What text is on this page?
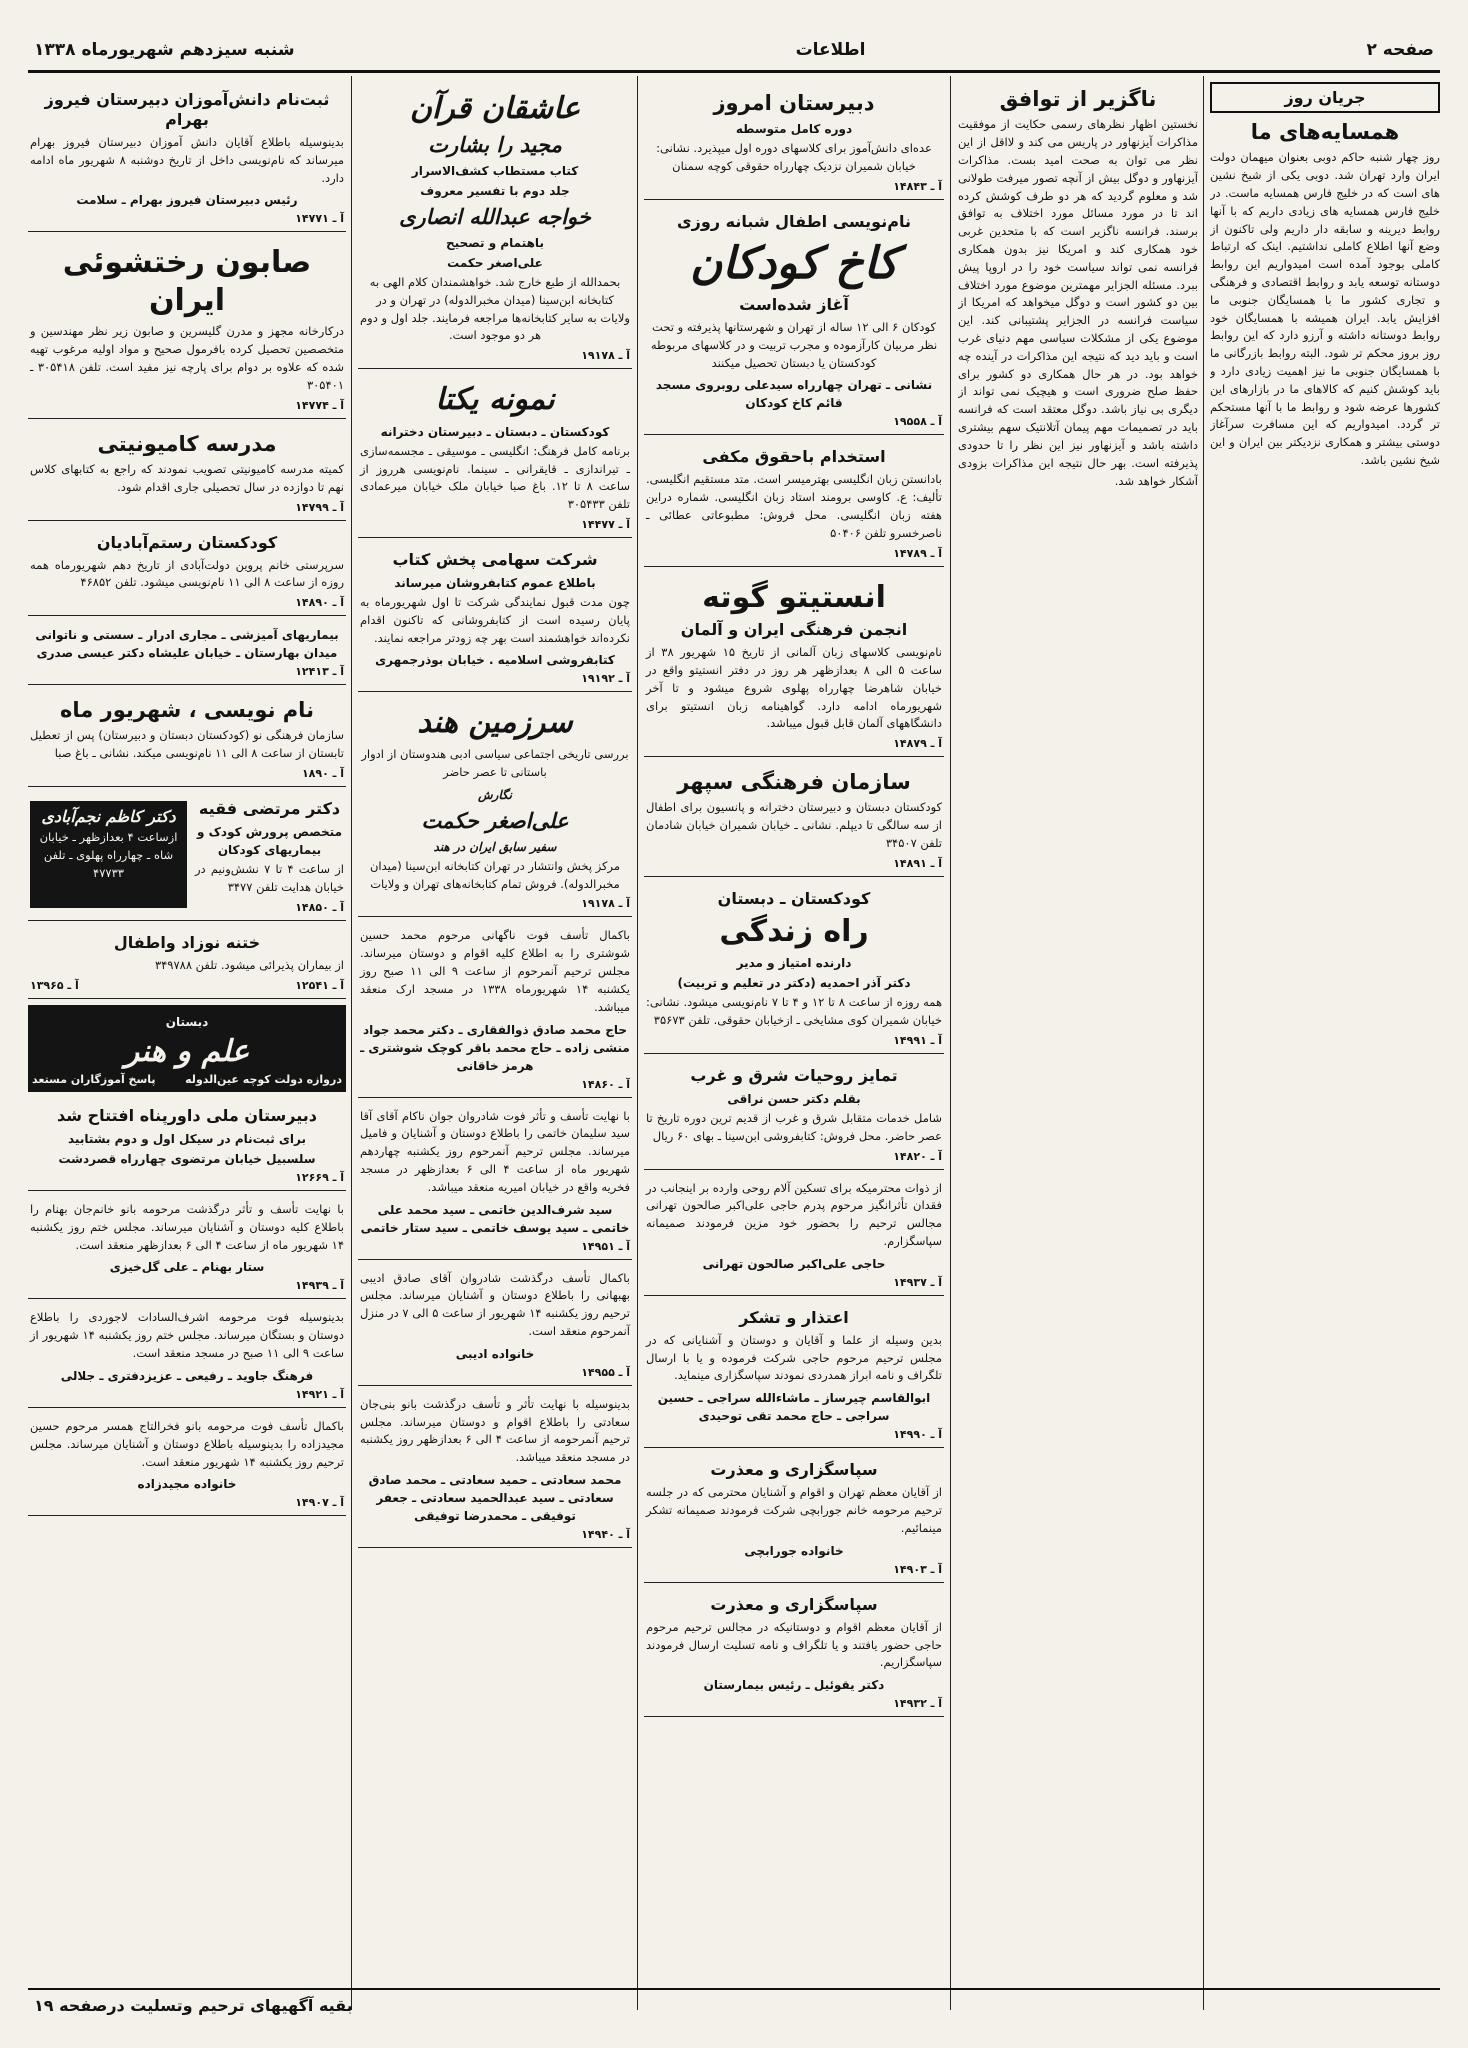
صفحه ۲
اطلاعات
شنبه سیزدهم شهریورماه ۱۳۳۸
جریان روز
همسایه‌های ما
روز چهار شنبه حاکم دوبی بعنوان میهمان دولت ایران وارد تهران شد. دوبی یکی از شیخ نشین های است که در خلیج فارس همسایه ماست. در خلیج فارس همسایه های زیادی داریم که با آنها روابط دیرینه و سابقه دار داریم ولی تاکنون از وضع آنها اطلاع کاملی نداشتیم. اینک که ارتباط کاملی بوجود آمده است امیدواریم این روابط دوستانه توسعه یابد و روابط اقتصادی و فرهنگی و تجاری کشور ما با همسایگان جنوبی ما افزایش یابد. ایران همیشه با همسایگان خود روابط دوستانه داشته و آرزو دارد که این روابط روز بروز محکم تر شود. البته روابط بازرگانی ما با همسایگان جنوبی ما نیز اهمیت زیادی دارد و باید کوشش کنیم که کالاهای ما در بازارهای این کشورها عرضه شود و روابط ما با آنها مستحکم تر گردد. امیدواریم که این مسافرت سرآغاز دوستی بیشتر و همکاری نزدیکتر بین ایران و این شیخ نشین باشد.
ناگزیر از توافق
نخستین اظهار نظرهای رسمی حکایت از موفقیت مذاکرات آیزنهاور در پاریس می کند و لااقل از این نظر می توان به صحت امید بست. مذاکرات آیزنهاور و دوگل بیش از آنچه تصور میرفت طولانی شد و معلوم گردید که هر دو طرف کوشش کرده اند تا در مورد مسائل مورد اختلاف به توافق برسند. فرانسه ناگزیر است که با متحدین غربی خود همکاری کند و امریکا نیز بدون همکاری فرانسه نمی تواند سیاست خود را در اروپا پیش ببرد. مسئله الجزایر مهمترین موضوع مورد اختلاف بین دو کشور است و دوگل میخواهد که امریکا از سیاست فرانسه در الجزایر پشتیبانی کند. این موضوع یکی از مشکلات سیاسی مهم دنیای غرب است و باید دید که نتیجه این مذاکرات در آینده چه خواهد بود. در هر حال همکاری دو کشور برای حفظ صلح ضروری است و هیچیک نمی تواند از دیگری بی نیاز باشد. دوگل معتقد است که فرانسه باید در تصمیمات مهم پیمان آتلانتیک سهم بیشتری داشته باشد و آیزنهاور نیز این نظر را تا حدودی پذیرفته است. بهر حال نتیجه این مذاکرات بزودی آشکار خواهد شد.
دبیرستان امروز
دوره کامل متوسطه
عده‌ای دانش‌آموز برای کلاسهای دوره اول میپذیرد. نشانی: خیابان شمیران نزدیک چهارراه حقوقی کوچه سمنان
آ ـ ۱۴۸۴۳
نام‌نویسی اطفال شبانه روزی
کاخ کودکان
آغاز شده‌است
کودکان ۶ الی ۱۲ ساله از تهران و شهرستانها پذیرفته و تحت نظر مربیان کارآزموده و مجرب تربیت و در کلاسهای مربوطه کودکستان یا دبستان تحصیل میکنند
نشانی ـ تهران چهارراه سیدعلی روبروی مسجد قائم کاخ کودکان
آ ـ ۱۹۵۵۸
استخدام باحقوق مکفی
بادانستن زبان انگلیسی بهترمیسر است. متد مستقیم انگلیسی. تألیف: ع. کاوسی برومند استاد زبان انگلیسی. شماره دراین هفته زبان انگلیسی. محل فروش: مطبوعاتی عطائی ـ ناصرخسرو تلفن ۵۰۴۰۶
آ ـ ۱۴۷۸۹
انستیتو گوته
انجمن فرهنگی ایران و آلمان
نام‌نویسی کلاسهای زبان آلمانی از تاریخ ۱۵ شهریور ۳۸ از ساعت ۵ الی ۸ بعدازظهر هر روز در دفتر انستیتو واقع در خیابان شاهرضا چهارراه پهلوی شروع میشود و تا آخر شهریورماه ادامه دارد. گواهینامه زبان انستیتو برای دانشگاههای آلمان قابل قبول میباشد.
آ ـ ۱۴۸۷۹
سازمان فرهنگی سپهر
کودکستان دبستان و دبیرستان دخترانه و پانسیون برای اطفال از سه سالگی تا دیپلم. نشانی ـ خیابان شمیران خیابان شادمان تلفن ۳۴۵۰۷
آ ـ ۱۴۸۹۱
کودکستان ـ دبستان
راه زندگی
دارنده امتیاز و مدیر
دکتر آذر احمدیه (دکتر در تعلیم و تربیت)
همه روزه از ساعت ۸ تا ۱۲ و ۴ تا ۷ نام‌نویسی میشود. نشانی: خیابان شمیران کوی مشایخی ـ ازخیابان حقوقی. تلفن ۳۵۶۷۳
آ ـ ۱۴۹۹۱
تمایز روحیات شرق و غرب
بقلم دکتر حسن نراقی
شامل خدمات متقابل شرق و غرب از قدیم ترین دوره تاریخ تا عصر حاضر. محل فروش: کتابفروشی ابن‌سینا ـ بهای ۶۰ ریال
آ ـ ۱۴۸۲۰
از ذوات محترمیکه برای تسکین آلام روحی وارده بر اینجانب در فقدان تأثرانگیز مرحوم پدرم حاجی علی‌اکبر صالحون تهرانی مجالس ترحیم را بحضور خود مزین فرمودند صمیمانه سپاسگزارم.
حاجی علی‌اکبر صالحون تهرانی
آ ـ ۱۴۹۳۷
اعتذار و تشکر
بدین وسیله از علما و آقایان و دوستان و آشنایانی که در مجلس ترحیم مرحوم حاجی شرکت فرموده و یا با ارسال تلگراف و نامه ابراز همدردی نمودند سپاسگزاری مینماید.
ابوالقاسم چیرساز ـ ماشاءالله سراجی ـ حسین سراجی ـ حاج محمد تقی توحیدی
آ ـ ۱۴۹۹۰
سپاسگزاری و معذرت
از آقایان معظم تهران و اقوام و آشنایان محترمی که در جلسه ترحیم مرحومه خانم جورابچی شرکت فرمودند صمیمانه تشکر مینمائیم.
خانواده جورابچی
آ ـ ۱۴۹۰۳
سپاسگزاری و معذرت
از آقایان معظم اقوام و دوستانیکه در مجالس ترحیم مرحوم حاجی حضور یافتند و یا تلگراف و نامه تسلیت ارسال فرمودند سپاسگزاریم.
دکتر یقوئیل ـ رئیس بیمارستان
آ ـ ۱۴۹۳۲
عاشقان قرآن
مجید را بشارت
کتاب مستطاب کشف‌الاسرار
جلد دوم با تفسیر معروف
خواجه عبدالله انصاری
باهتمام و تصحیح
علی‌اصغر حکمت
بحمدالله از طبع خارج شد. خواهشمندان کلام الهی به کتابخانه ابن‌سینا (میدان مخبرالدوله) در تهران و در ولایات به سایر کتابخانه‌ها مراجعه فرمایند. جلد اول و دوم هر دو موجود است.
آ ـ ۱۹۱۷۸
نمونه یکتا
کودکستان ـ دبستان ـ دبیرستان دخترانه
برنامه کامل فرهنگ: انگلیسی ـ موسیقی ـ مجسمه‌سازی ـ تیراندازی ـ قایقرانی ـ سینما. نام‌نویسی هرروز از ساعت ۸ تا ۱۲. باغ صبا خیابان ملک خیابان میرعمادی تلفن ۳۰۵۴۳۳
آ ـ ۱۴۴۷۷
شرکت سهامی پخش کتاب
باطلاع عموم کتابفروشان میرساند
چون مدت قبول نمایندگی شرکت تا اول شهریورماه به پایان رسیده است از کتابفروشانی که تاکنون اقدام نکرده‌اند خواهشمند است بهر چه زودتر مراجعه نمایند.
کتابفروشی اسلامیه . خیابان بوذرجمهری
آ ـ ۱۹۱۹۲
سرزمین هند
بررسی تاریخی اجتماعی سیاسی ادبی هندوستان از ادوار باستانی تا عصر حاضر
نگارش
علی‌اصغر حکمت
سفیر سابق ایران در هند
مرکز پخش وانتشار در تهران کتابخانه ابن‌سینا (میدان مخبرالدوله). فروش تمام کتابخانه‌های تهران و ولایات
آ ـ ۱۹۱۷۸
باکمال تأسف فوت ناگهانی مرحوم محمد حسین شوشتری را به اطلاع کلیه اقوام و دوستان میرساند. مجلس ترحیم آنمرحوم از ساعت ۹ الی ۱۱ صبح روز یکشنبه ۱۴ شهریورماه ۱۳۳۸ در مسجد ارک منعقد میباشد.
حاج محمد صادق ذوالفقاری ـ دکتر محمد جواد منشی زاده ـ حاج محمد باقر کوچک شوشتری ـ هرمز خاقانی
آ ـ ۱۴۸۶۰
با نهایت تأسف و تأثر فوت شادروان جوان ناکام آقای آقا سید سلیمان خاتمی را باطلاع دوستان و آشنایان و فامیل میرساند. مجلس ترحیم آنمرحوم روز یکشنبه چهاردهم شهریور ماه از ساعت ۴ الی ۶ بعدازظهر در مسجد فخریه واقع در خیابان امیریه منعقد میباشد.
سید شرف‌الدین خاتمی ـ سید محمد علی خاتمی ـ سید یوسف خاتمی ـ سید ستار خاتمی
آ ـ ۱۴۹۵۱
باکمال تأسف درگذشت شادروان آقای صادق ادیبی بهبهانی را باطلاع دوستان و آشنایان میرساند. مجلس ترحیم روز یکشنبه ۱۴ شهریور از ساعت ۵ الی ۷ در منزل آنمرحوم منعقد است.
خانواده ادیبی
آ ـ ۱۴۹۵۵
بدینوسیله با نهایت تأثر و تأسف درگذشت بانو بنی‌جان سعادتی را باطلاع اقوام و دوستان میرساند. مجلس ترحیم آنمرحومه از ساعت ۴ الی ۶ بعدازظهر روز یکشنبه در مسجد منعقد میباشد.
محمد سعادتی ـ حمید سعادتی ـ محمد صادق سعادتی ـ سید عبدالحمید سعادتی ـ جعفر توفیقی ـ محمدرضا توفیقی
آ ـ ۱۴۹۴۰
ثبت‌نام دانش‌آموزان دبیرستان فیروز بهرام
بدینوسیله باطلاع آقایان دانش آموزان دبیرستان فیروز بهرام میرساند که نام‌نویسی داخل از تاریخ دوشنبه ۸ شهریور ماه ادامه دارد.
رئیس دبیرستان فیروز بهرام ـ سلامت
آ ـ ۱۴۷۷۱
صابون رختشوئی ایران
درکارخانه مجهز و مدرن گلیسرین و صابون زیر نظر مهندسین و متخصصین تحصیل کرده بافرمول صحیح و مواد اولیه مرغوب تهیه شده که علاوه بر دوام برای پارچه نیز مفید است. تلفن ۳۰۵۴۱۸ ـ ۳۰۵۴۰۱
آ ـ ۱۴۷۷۴
مدرسه کامیونیتی
کمیته مدرسه کامیونیتی تصویب نمودند که راجع به کتابهای کلاس نهم تا دوازده در سال تحصیلی جاری اقدام شود.
آ ـ ۱۴۷۹۹
کودکستان رستم‌آبادیان
سرپرستی خانم پروین دولت‌آبادی از تاریخ دهم شهریورماه همه روزه از ساعت ۸ الی ۱۱ نام‌نویسی میشود. تلفن ۴۶۸۵۲
آ ـ ۱۴۸۹۰
بیماریهای آمیزشی ـ مجاری ادرار ـ سستی و ناتوانی میدان بهارستان ـ خیابان علیشاه دکتر عیسی صدری
آ ـ ۱۲۴۱۳
نام نویسی ، شهریور ماه
سازمان فرهنگی نو (کودکستان دبستان و دبیرستان) پس از تعطیل تابستان از ساعت ۸ الی ۱۱ نام‌نویسی میکند. نشانی ـ باغ صبا
آ ـ ۱۸۹۰
دکتر مرتضی فقیه
متخصص پرورش کودک و بیماریهای کودکان
از ساعت ۴ تا ۷ نشش‌ونیم در خیابان هدایت تلفن ۳۴۷۷
آ ـ ۱۴۸۵۰
دکتر کاظم نجم‌آبادی
ازساعت ۴ بعدازظهر ـ خیابان شاه ـ چهارراه پهلوی ـ تلفن ۴۷۷۳۳
ختنه نوزاد واطفال
از بیماران پذیرائی میشود. تلفن ۳۴۹۷۸۸
آ ـ ۱۲۵۴۱
آ ـ ۱۳۹۶۵
دبستان
علم و هنر
دروازه دولت کوچه عین‌الدوله
پاسخ آموزگاران مستعد
دبیرستان ملی داورپناه افتتاح شد
برای ثبت‌نام در سیکل اول و دوم بشتابید
سلسبیل خیابان مرتضوی چهارراه قصردشت
آ ـ ۱۲۶۶۹
با نهایت تأسف و تأثر درگذشت مرحومه بانو خانم‌جان بهنام را باطلاع کلیه دوستان و آشنایان میرساند. مجلس ختم روز یکشنبه ۱۴ شهریور ماه از ساعت ۴ الی ۶ بعدازظهر منعقد است.
ستار بهنام ـ علی گل‌خیزی
آ ـ ۱۴۹۳۹
بدینوسیله فوت مرحومه اشرف‌السادات لاجوردی را باطلاع دوستان و بستگان میرساند. مجلس ختم روز یکشنبه ۱۴ شهریور از ساعت ۹ الی ۱۱ صبح در مسجد منعقد است.
فرهنگ جاوید ـ رفیعی ـ عزیزدفتری ـ جلالی
آ ـ ۱۴۹۲۱
باکمال تأسف فوت مرحومه بانو فخرالتاج همسر مرحوم حسین مجیدزاده را بدینوسیله باطلاع دوستان و آشنایان میرساند. مجلس ترحیم روز یکشنبه ۱۴ شهریور منعقد است.
خانواده مجیدزاده
آ ـ ۱۴۹۰۷
بقیه آگهیهای ترحیم وتسلیت درصفحه ۱۹
